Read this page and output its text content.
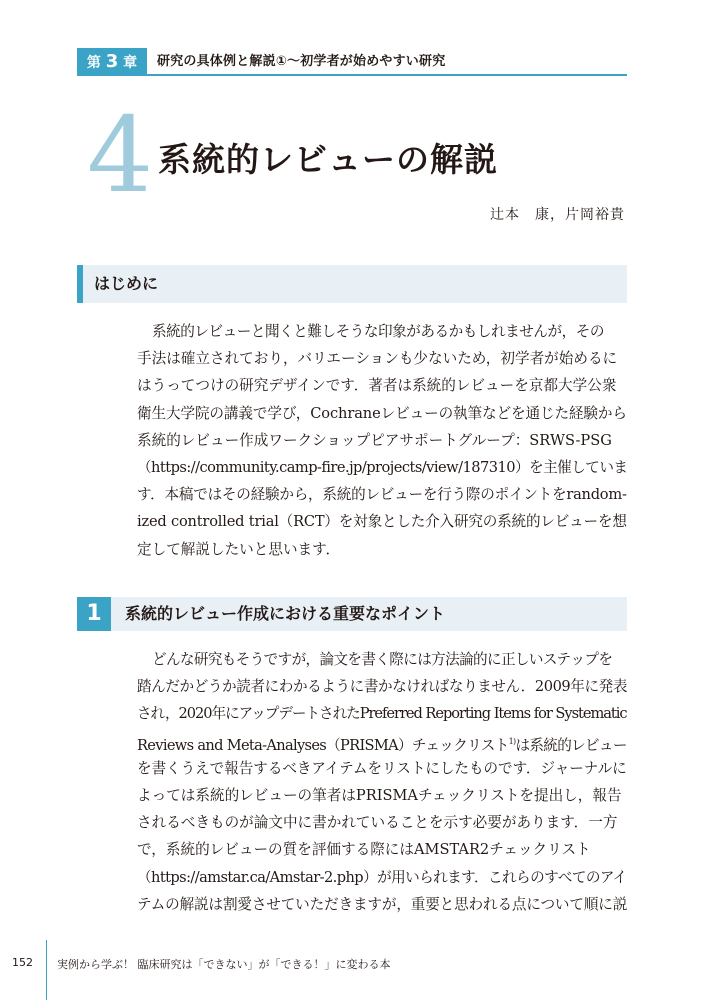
第 3 章	研究の具体例と解説①～初学者が始めやすい研究
4 系統的レビューの解説
辻本　康，片岡裕貴
はじめに
系統的レビューと聞くと難しそうな印象があるかもしれませんが，その
手法は確立されており，バリエーションも少ないため，初学者が始めるに
はうってつけの研究デザインです．著者は系統的レビューを京都大学公衆
衛生大学院の講義で学び，Cochraneレビューの執筆などを通じた経験から
系統的レビュー作成ワークショップピアサポートグループ：SRWS-PSG
（https://community.camp-fire.jp/projects/view/187310）を主催していま
す．本稿ではその経験から，系統的レビューを行う際のポイントをrandom-
ized controlled trial（RCT）を対象とした介入研究の系統的レビューを想
定して解説したいと思います．
1	系統的レビュー作成における重要なポイント
どんな研究もそうですが，論文を書く際には方法論的に正しいステップを
踏んだかどうか読者にわかるように書かなければなりません．2009年に発表
され，2020年にアップデートされたPreferred Reporting Items for Systematic
Reviews and Meta-Analyses（PRISMA）チェックリスト$^{1)}$は系統的レビュー
を書くうえで報告するべきアイテムをリストにしたものです．ジャーナルに
よっては系統的レビューの筆者はPRISMAチェックリストを提出し，報告
されるべきものが論文中に書かれていることを示す必要があります．一方
で，系統的レビューの質を評価する際にはAMSTAR2チェックリスト
（https://amstar.ca/Amstar-2.php）が用いられます．これらのすべてのアイ
テムの解説は割愛させていただきますが，重要と思われる点について順に説
152 実例から学ぶ！ 臨床研究は「できない」が「できる！」に変わる本
